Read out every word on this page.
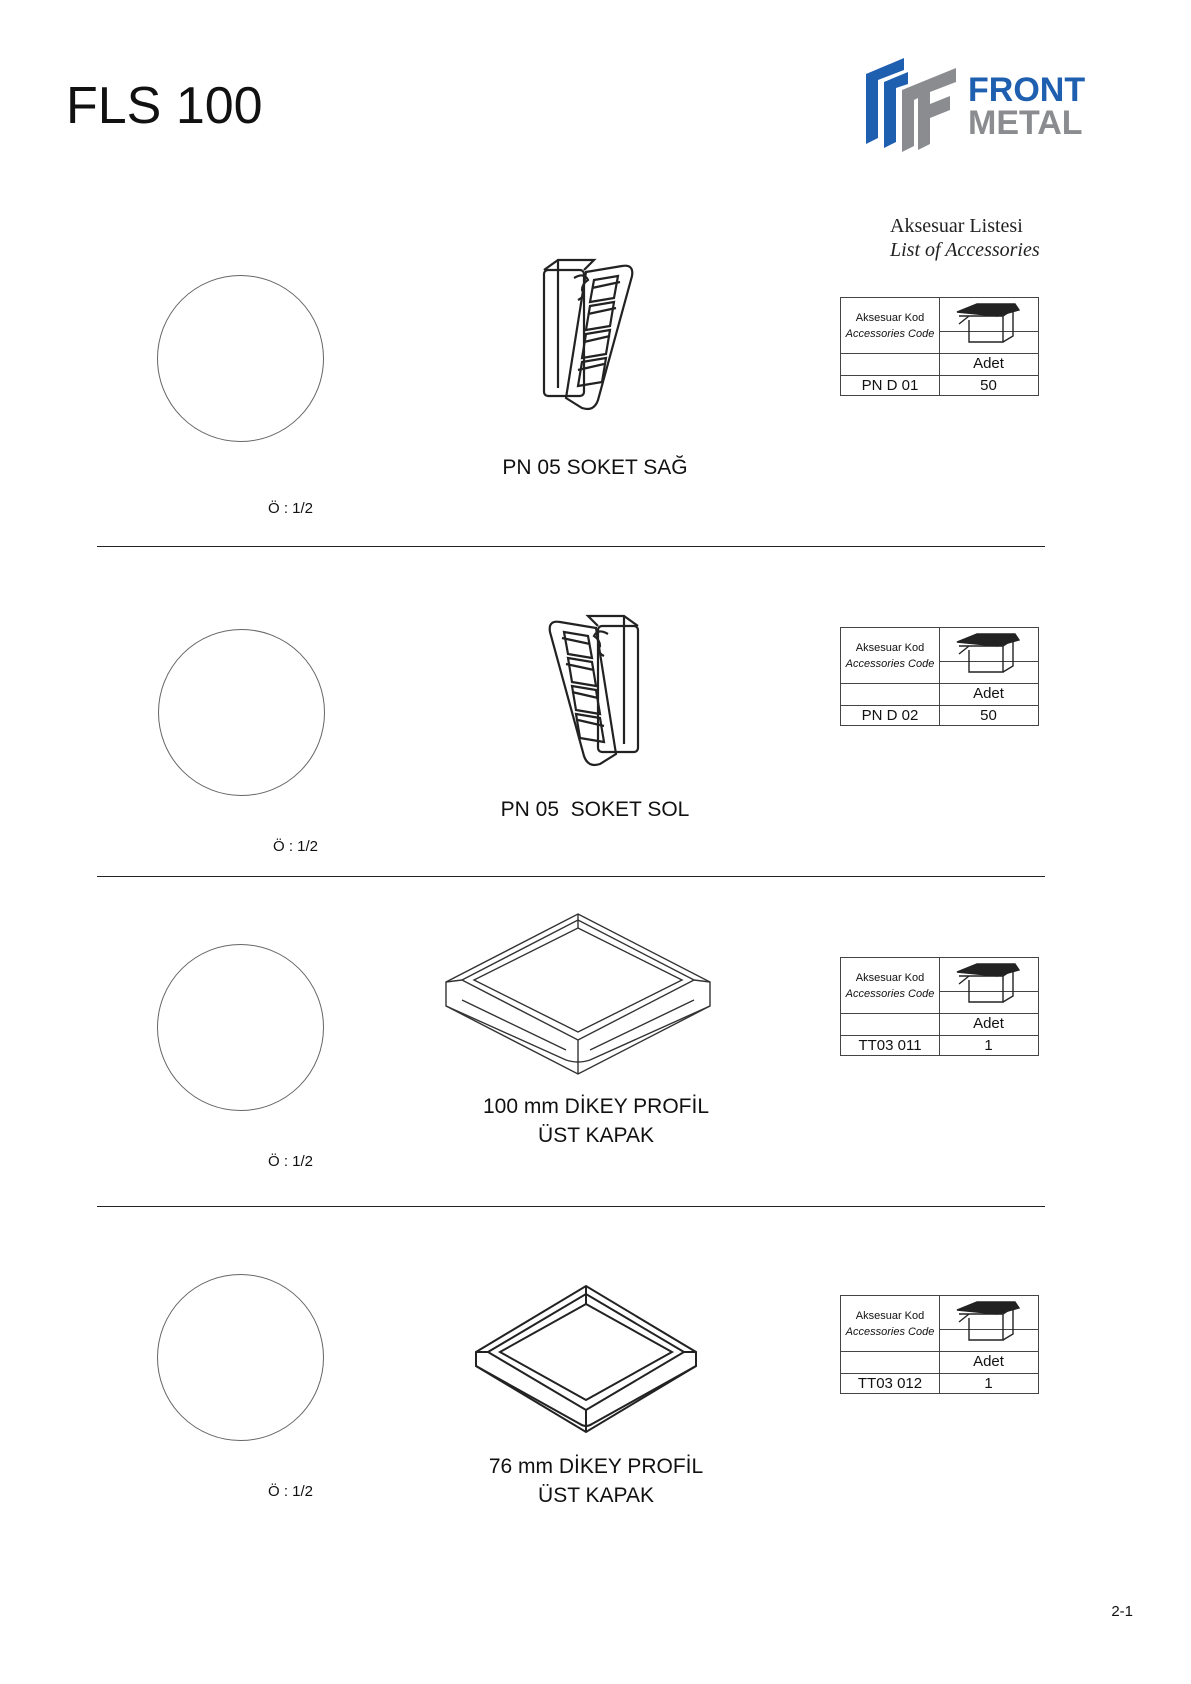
FLS 100	FRONT
METAL
Aksesuar Listesi
List of Accessories
Ö : 1/2
PN 05 SOKET SAĞ
Aksesuar Kod
Accessories Code
Adet
PN D 01	50
Ö : 1/2
PN 05  SOKET SOL
Aksesuar Kod
Accessories Code
Adet
PN D 02	50
Ö : 1/2
100 mm DİKEY PROFİL
ÜST KAPAK
Aksesuar Kod
Accessories Code
Adet
TT03 011	1
Ö : 1/2
76 mm DİKEY PROFİL
ÜST KAPAK
Aksesuar Kod
Accessories Code
Adet
TT03 012	1
2-1
